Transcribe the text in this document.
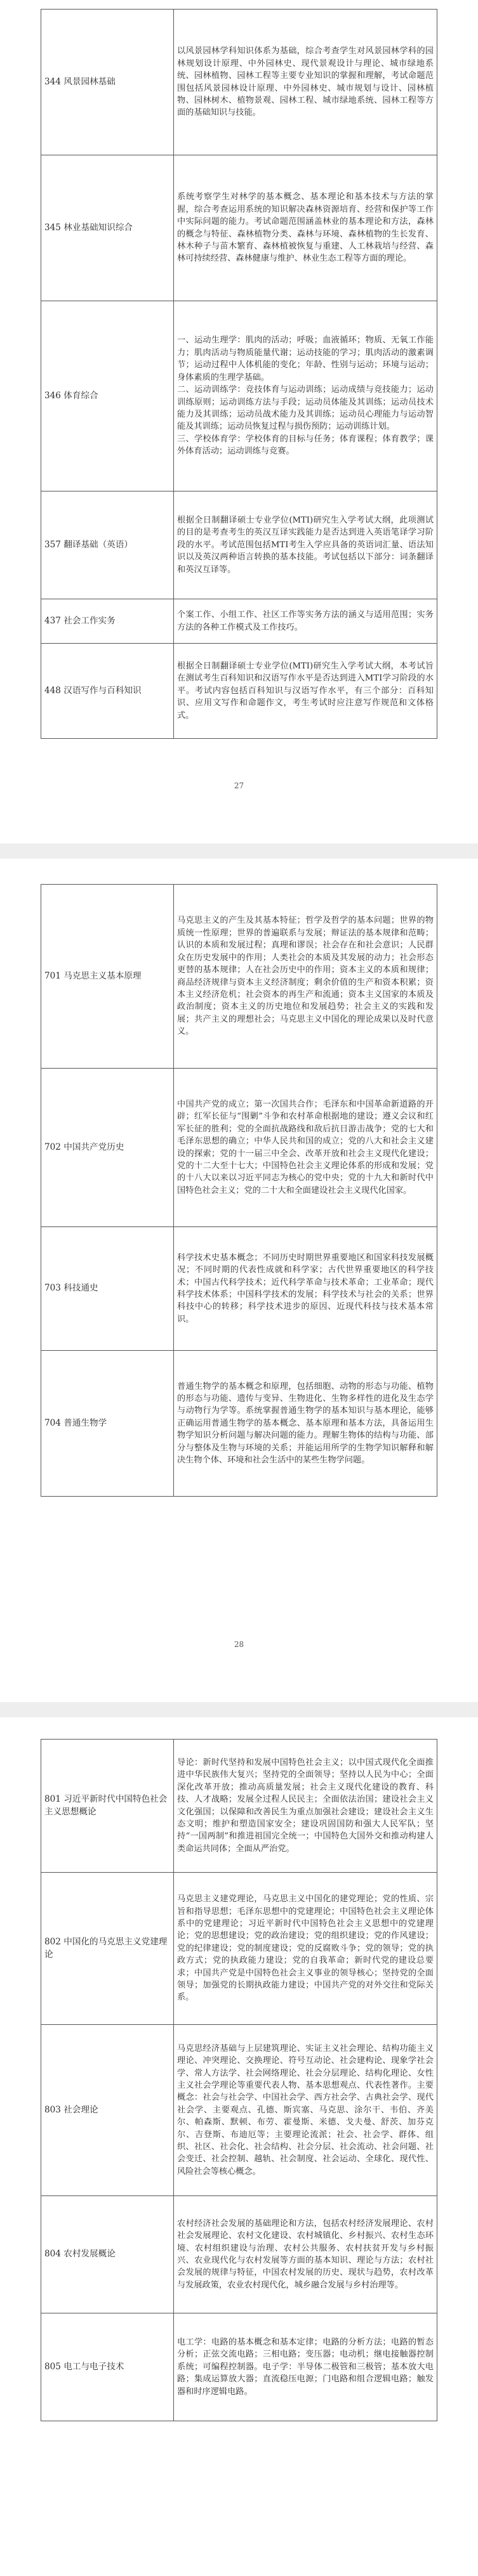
344 风景园林基础	以风景园林学科知识体系为基础，综合考查学生对风景园林学科的园林规划设计原理、中外园林史、现代景观设计与理论、城市绿地系统、园林植物、园林工程等主要专业知识的掌握和理解，考试命题范围包括风景园林设计原理、中外园林史、城市规划与设计、园林植物、园林树木、植物景观、园林工程、城市绿地系统、园林工程等方面的基础知识与技能。

345 林业基础知识综合	系统考察学生对林学的基本概念、基本理论和基本技术与方法的掌握，综合考查运用系统的知识解决森林资源培育、经营和保护等工作中实际问题的能力。考试命题范围涵盖林业的基本理论和方法，森林的概念与特征、森林植物分类、森林与环境、森林植物的生长发育、林木种子与苗木繁育、森林植被恢复与重建、人工林栽培与经营、森林可持续经营、森林健康与维护、林业生态工程等方面的理论。

346 体育综合	一、运动生理学：肌肉的活动；呼吸；血液循环；物质、无氧工作能力；肌肉活动与物质能量代谢；运动技能的学习；肌肉活动的激素调节；运动过程中人体机能的变化；年龄、性别与运动；环境与运动；身体素质的生理学基础。
二、运动训练学：竞技体育与运动训练；运动成绩与竞技能力；运动训练原则；运动训练方法与手段；运动员体能及其训练；运动员技术能力及其训练；运动员战术能力及其训练；运动员心理能力与运动智能及其训练；运动员恢复过程与损伤预防；运动训练计划。
三、学校体育学：学校体育的目标与任务；体育课程；体育教学；课外体育活动；运动训练与竞赛。

357 翻译基础（英语）	根据全日制翻译硕士专业学位(MTI)研究生入学考试大纲，此项测试的目的是考查考生的英汉互译实践能力是否达到进入英语笔译学习阶段的水平。考试范围包括MTI考生入学应具备的英语词汇量、语法知识以及英汉两种语言转换的基本技能。考试包括以下部分：词条翻译和英汉互译等。

437 社会工作实务	个案工作、小组工作、社区工作等实务方法的涵义与适用范围；实务方法的各种工作模式及工作技巧。

448 汉语写作与百科知识	根据全日制翻译硕士专业学位(MTI)研究生入学考试大纲，本考试旨在测试考生百科知识和汉语写作水平是否达到进入MTI学习阶段的水平。考试内容包括百科知识与汉语写作水平，有三个部分：百科知识、应用文写作和命题作文，考生考试时应注意写作规范和文体格式。
27
701 马克思主义基本原理	马克思主义的产生及其基本特征；哲学及哲学的基本问题；世界的物质统一性原理；世界的普遍联系与发展；辩证法的基本规律和范畴；认识的本质和发展过程；真理和谬误；社会存在和社会意识；人民群众在历史发展中的作用；人类社会的本质及其发展的动力；社会形态更替的基本规律；人在社会历史中的作用；资本主义的本质和规律；商品经济规律与资本主义经济制度；剩余价值的生产和资本积累；资本主义经济危机；社会资本的再生产和流通；资本主义国家的本质及政治制度；资本主义的历史地位和发展趋势；社会主义的实践和发展；共产主义的理想社会；马克思主义中国化的理论成果以及时代意义。

702 中国共产党历史	中国共产党的成立；第一次国共合作；毛泽东和中国革命新道路的开辟；红军长征与“围剿”斗争和农村革命根据地的建设；遵义会议和红军长征的胜利；党的全面抗战路线和敌后抗日游击战争；党的七大和毛泽东思想的确立；中华人民共和国的成立；党的八大和社会主义建设的探索；党的十一届三中全会、改革开放和社会主义现代化建设；党的十二大至十七大；中国特色社会主义理论体系的形成和发展；党的十八大以来以习近平同志为核心的党中央；党的十九大和新时代中国特色社会主义；党的二十大和全面建设社会主义现代化国家。

703 科技通史	科学技术史基本概念；不同历史时期世界重要地区和国家科技发展概况；不同时期的代表性成就和科学家；古代世界重要地区的科学技术；中国古代科学技术；近代科学革命与技术革命；工业革命；现代科学技术体系；中国科学技术的发展；科学技术与社会的关系；世界科技中心的转移；科学技术进步的原因、近现代科技与技术基本常识。

704 普通生物学	普通生物学的基本概念和原理，包括细胞、动物的形态与功能、植物的形态与功能、遗传与变异、生物进化、生物多样性的进化及生态学与动物行为学等。系统掌握普通生物学的基本知识与基本理论，能够正确运用普通生物学的基本概念、基本原理和基本方法，具备运用生物学知识分析问题与解决问题的能力。理解生物体的结构与功能、部分与整体及生物与环境的关系；并能运用所学的生物学知识解释和解决生物个体、环境和社会生活中的某些生物学问题。
28
801 习近平新时代中国特色社会主义思想概论	导论：新时代坚持和发展中国特色社会主义；以中国式现代化全面推进中华民族伟大复兴；坚持党的全面领导；坚持以人民为中心；全面深化改革开放；推动高质量发展；社会主义现代化建设的教育、科技、人才战略；发展全过程人民民主；全面依法治国；建设社会主义文化强国；以保障和改善民生为重点加强社会建设；建设社会主义生态文明；维护和塑造国家安全；建设巩固国防和强大人民军队；坚持“一国两制”和推进祖国完全统一；中国特色大国外交和推动构建人类命运共同体；全面从严治党。

802 中国化的马克思主义党建理论	马克思主义建党理论，马克思主义中国化的建党理论；党的性质、宗旨和指导思想；毛泽东思想中的党建理论；中国特色社会主义理论体系中的党建理论；习近平新时代中国特色社会主义思想中的党建理论；党的思想建设；党的政治建设；党的组织建设；党的作风建设；党的纪律建设；党的制度建设；党的反腐败斗争；党的领导；党的执政方式；党的执政能力建设；党的自我革命；新时代党的建设总要求；中国共产党是中国特色社会主义事业的领导核心；坚持党的全面领导；加强党的长期执政能力建设；中国共产党的对外交往和党际关系。

803 社会理论	马克思经济基础与上层建筑理论、实证主义社会理论、结构功能主义理论、冲突理论、交换理论、符号互动论、社会建构论、现象学社会学、常人方法学、社会网络理论、社会分层理论、结构化理论、女性主义社会学理论等重要代表人物、基本思想观点、代表性著作。主要概念：社会与社会学、中国社会学、西方社会学、古典社会学、现代社会学、主要观点、孔德、斯宾塞、马克思、涂尔干、韦伯、齐美尔、帕森斯、默顿、布劳、霍曼斯、米德、戈夫曼、舒茨、加芬克尔、吉登斯、布迪厄等；主要理论流派；社会、社会学、群体、组织、社区、社会化、社会结构、社会分层、社会流动、社会问题、社会变迁、社会控制、越轨、社会制度、社会运动、全球化、现代性、风险社会等核心概念。

804 农村发展概论	农村经济社会发展的基础理论和方法，包括农村经济发展理论、农村社会发展理论、农村文化建设、农村城镇化、乡村振兴、农村生态环境、农村组织建设与治理、农村公共服务、农村扶贫开发与乡村振兴、农业现代化与农村发展等方面的基本知识、理论与方法；农村社会发展的规律与特征，中国农村发展的历史、现状与趋势，农村改革与发展政策，农业农村现代化，城乡融合发展与乡村治理等。

805 电工与电子技术	电工学：电路的基本概念和基本定律；电路的分析方法；电路的暂态分析；正弦交流电路；三相电路；变压器；电动机；继电接触器控制系统；可编程控制器。电子学：半导体二极管和三极管；基本放大电路；集成运算放大器；直流稳压电源；门电路和组合逻辑电路；触发器和时序逻辑电路。
